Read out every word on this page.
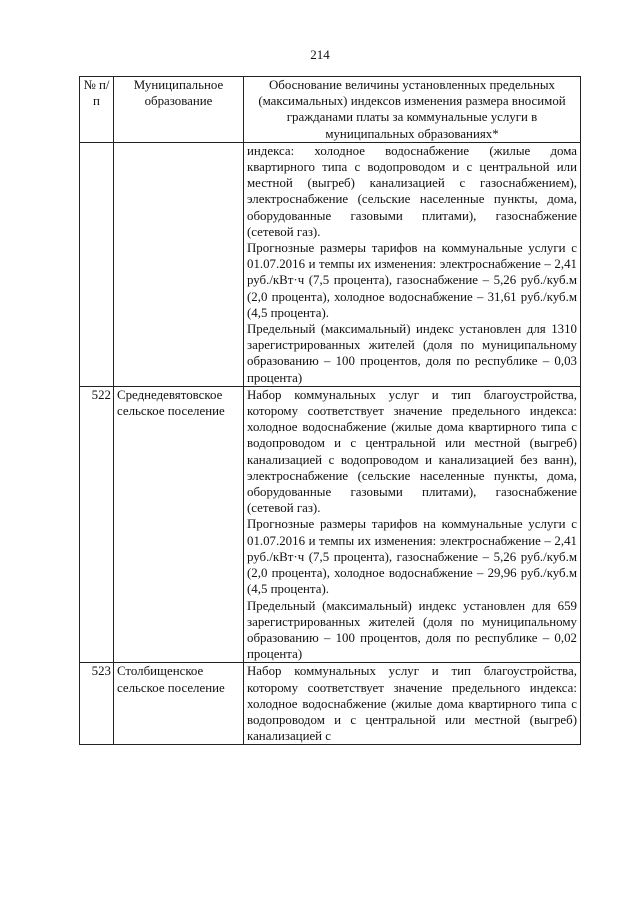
214
№ п/п	Муниципальное образование	Обоснование величины установленных предельных (максимальных) индексов изменения размера вносимой гражданами платы за коммунальные услуги в муниципальных образованиях*

		индекса: холодное водоснабжение (жилые дома квартирного типа с водопроводом и с центральной или местной (выгреб) канализацией с газоснабжением), электроснабжение (сельские населенные пункты, дома, оборудованные газовыми плитами), газоснабжение (сетевой газ).
Прогнозные размеры тарифов на коммунальные услуги с 01.07.2016 и темпы их изменения: электроснабжение – 2,41 руб./кВт·ч (7,5 процента), газоснабжение – 5,26 руб./куб.м (2,0 процента), холодное водоснабжение – 31,61 руб./куб.м (4,5 процента).
Предельный (максимальный) индекс установлен для 1310 зарегистрированных жителей (доля по муниципальному образованию – 100 процентов, доля по республике – 0,03 процента)

522	Среднедевятовское сельское поселение	Набор коммунальных услуг и тип благоустройства, которому соответствует значение предельного индекса: холодное водоснабжение (жилые дома квартирного типа с водопроводом и с центральной или местной (выгреб) канализацией с водопроводом и канализацией без ванн), электроснабжение (сельские населенные пункты, дома, оборудованные газовыми плитами), газоснабжение (сетевой газ).
Прогнозные размеры тарифов на коммунальные услуги с 01.07.2016 и темпы их изменения: электроснабжение – 2,41 руб./кВт·ч (7,5 процента), газоснабжение – 5,26 руб./куб.м (2,0 процента), холодное водоснабжение – 29,96 руб./куб.м (4,5 процента).
Предельный (максимальный) индекс установлен для 659 зарегистрированных жителей (доля по муниципальному образованию – 100 процентов, доля по республике – 0,02 процента)

523	Столбищенское сельское поселение	Набор коммунальных услуг и тип благоустройства, которому соответствует значение предельного индекса: холодное водоснабжение (жилые дома квартирного типа с водопроводом и с центральной или местной (выгреб) канализацией с
